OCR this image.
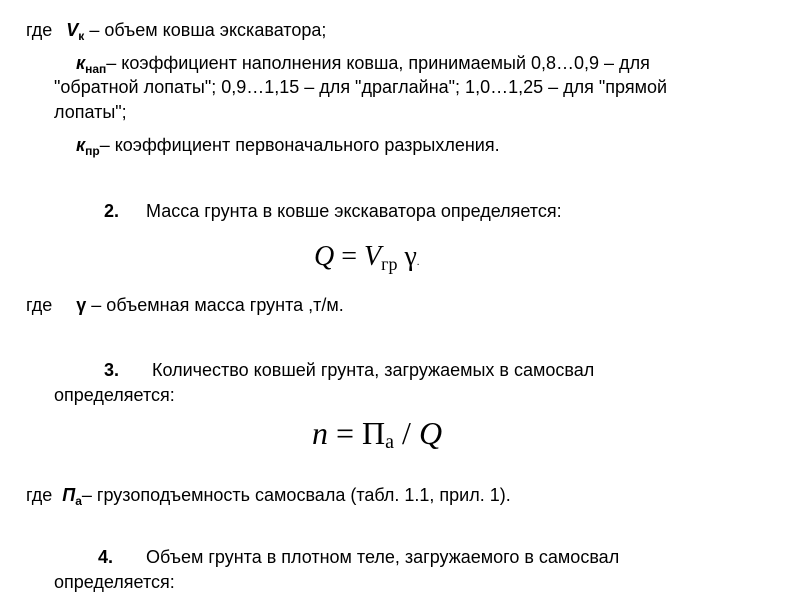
где $V_к$ – объем ковша экскаватора;
$к_{нап}-$ коэффициент наполнения ковша, принимаемый 0,8…0,9 – для
"обратной лопаты"; 0,9…1,15 – для "драглайна"; 1,0…1,25 – для "прямой
лопаты";
$к_{пр}-$ коэффициент первоначального разрыхления.
2. Масса грунта в ковше экскаватора определяется:
Q = Vгр γ.
где γ – объемная масса грунта ,т/м.
3. Количество ковшей грунта, загружаемых в самосвал
определяется:
n = Па / Q
где $П_а-$ грузоподъемность самосвала (табл. 1.1, прил. 1).
4. Объем грунта в плотном теле, загружаемого в самосвал
определяется:
